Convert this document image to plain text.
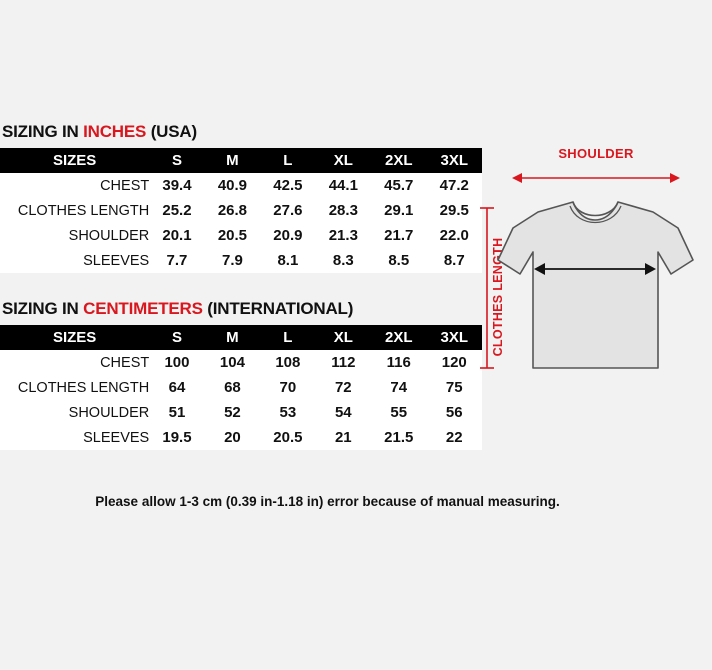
SIZING IN INCHES (USA)
SIZES	S	M	L	XL	2XL	3XL
CHEST	39.4	40.9	42.5	44.1	45.7	47.2
CLOTHES LENGTH	25.2	26.8	27.6	28.3	29.1	29.5
SHOULDER	20.1	20.5	20.9	21.3	21.7	22.0
SLEEVES	7.7	7.9	8.1	8.3	8.5	8.7
SIZING IN CENTIMETERS (INTERNATIONAL)
SIZES	S	M	L	XL	2XL	3XL
CHEST	100	104	108	112	116	120
CLOTHES LENGTH	64	68	70	72	74	75
SHOULDER	51	52	53	54	55	56
SLEEVES	19.5	20	20.5	21	21.5	22
Please allow 1-3 cm (0.39 in-1.18 in) error because of manual measuring.
SHOULDER
CLOTHES LENGTH
